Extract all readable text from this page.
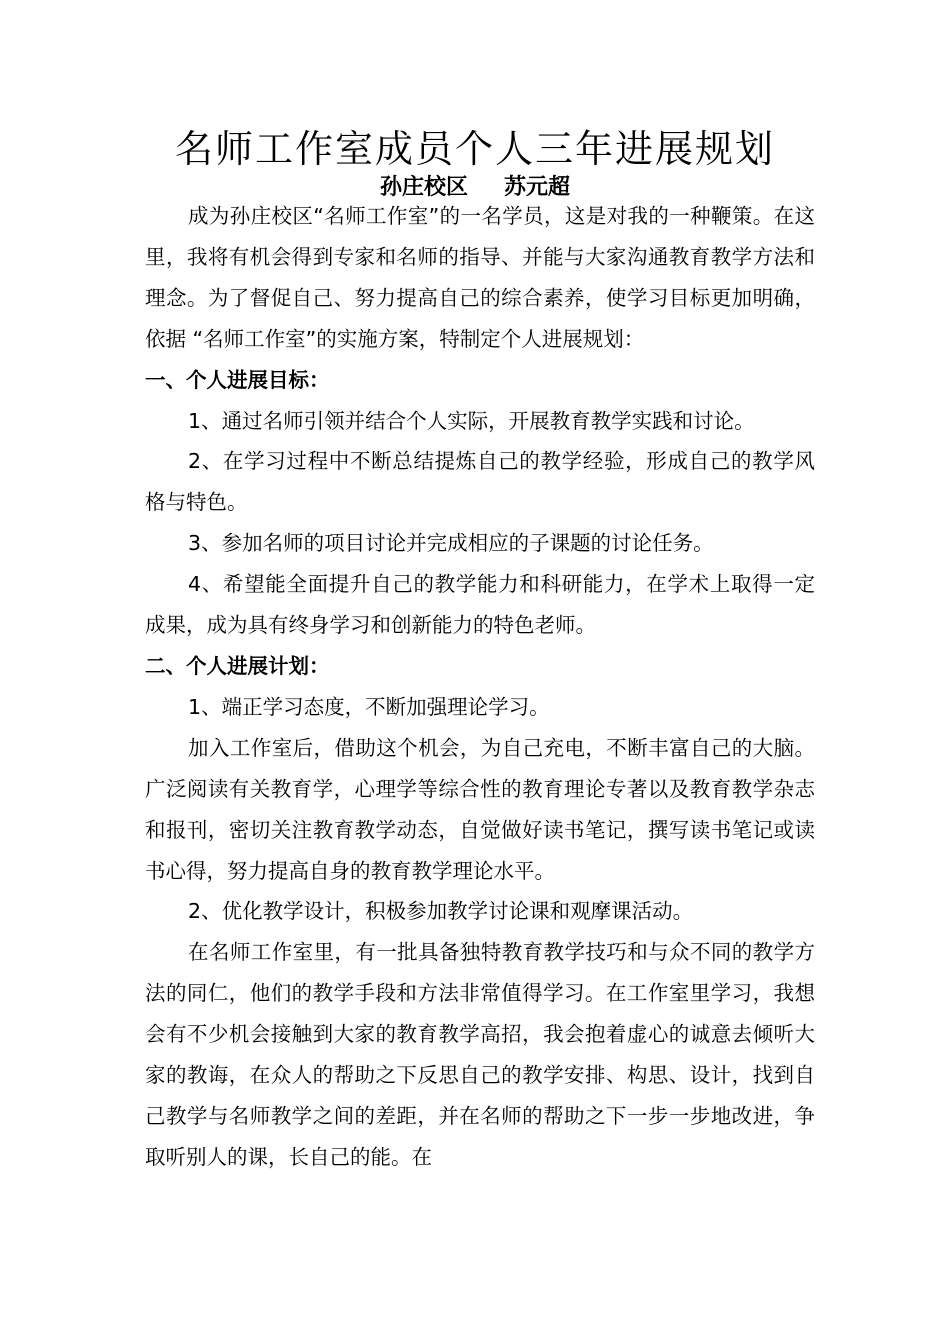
名师工作室成员个人三年进展规划
孙庄校区 苏元超

成为孙庄校区“名师工作室”的一名学员，这是对我的一种鞭策。在这里，我将有机会得到专家和名师的指导、并能与大家沟通教育教学方法和理念。为了督促自己、努力提高自己的综合素养，使学习目标更加明确，依据 “名师工作室”的实施方案，特制定个人进展规划：

一、个人进展目标：

1、通过名师引领并结合个人实际，开展教育教学实践和讨论。

2、在学习过程中不断总结提炼自己的教学经验，形成自己的教学风格与特色。

3、参加名师的项目讨论并完成相应的子课题的讨论任务。

4、希望能全面提升自己的教学能力和科研能力，在学术上取得一定成果，成为具有终身学习和创新能力的特色老师。

二、个人进展计划：

1、端正学习态度，不断加强理论学习。

加入工作室后，借助这个机会，为自己充电，不断丰富自己的大脑。广泛阅读有关教育学，心理学等综合性的教育理论专著以及教育教学杂志和报刊，密切关注教育教学动态，自觉做好读书笔记，撰写读书笔记或读书心得，努力提高自身的教育教学理论水平。

2、优化教学设计，积极参加教学讨论课和观摩课活动。

在名师工作室里，有一批具备独特教育教学技巧和与众不同的教学方法的同仁，他们的教学手段和方法非常值得学习。在工作室里学习，我想会有不少机会接触到大家的教育教学高招，我会抱着虚心的诚意去倾听大家的教诲，在众人的帮助之下反思自己的教学安排、构思、设计，找到自己教学与名师教学之间的差距，并在名师的帮助之下一步一步地改进，争取听别人的课，长自己的能。在
